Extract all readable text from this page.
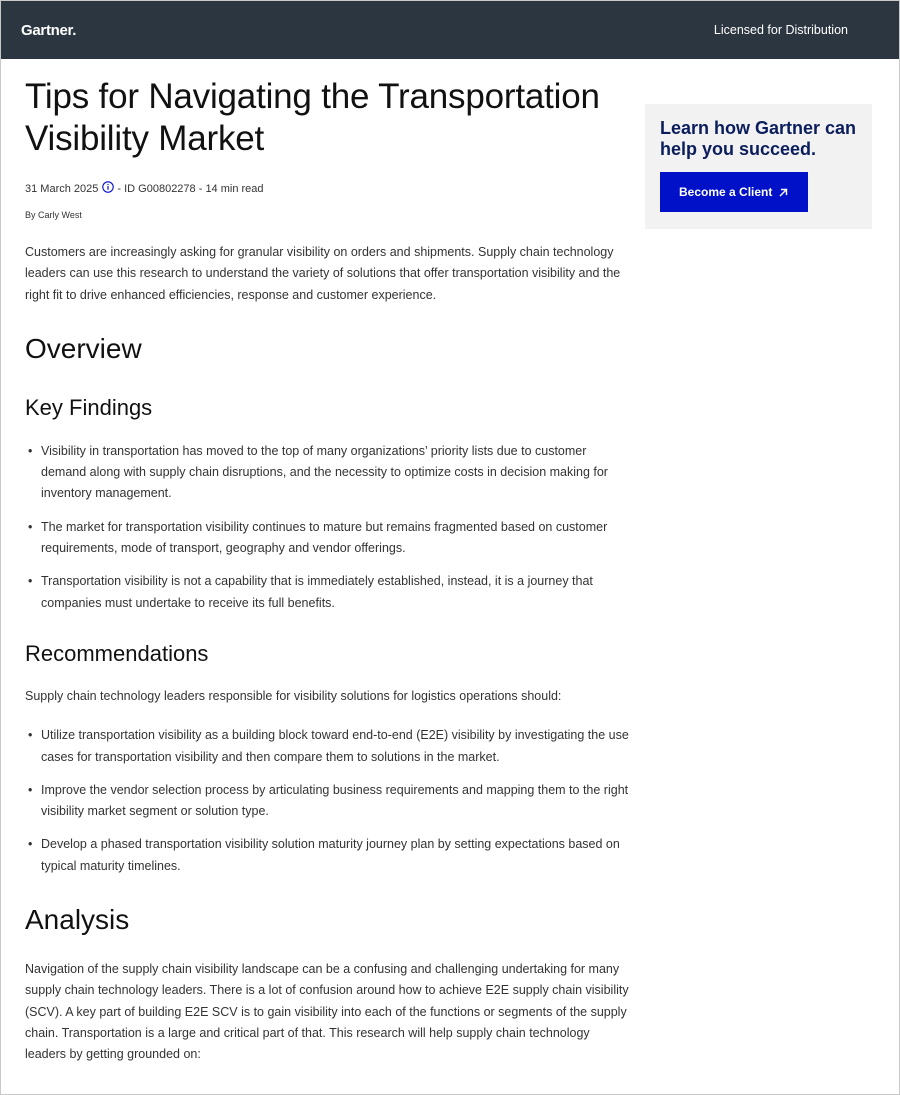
Gartner.	Licensed for Distribution
Tips for Navigating the Transportation Visibility Market
31 March 2025 - ID G00802278 - 14 min read
By Carly West

Customers are increasingly asking for granular visibility on orders and shipments. Supply chain technology leaders can use this research to understand the variety of solutions that offer transportation visibility and the right fit to drive enhanced efficiencies, response and customer experience.

Overview
Key Findings
• Visibility in transportation has moved to the top of many organizations’ priority lists due to customer demand along with supply chain disruptions, and the necessity to optimize costs in decision making for inventory management.
• The market for transportation visibility continues to mature but remains fragmented based on customer requirements, mode of transport, geography and vendor offerings.
• Transportation visibility is not a capability that is immediately established, instead, it is a journey that companies must undertake to receive its full benefits.
Recommendations

Supply chain technology leaders responsible for visibility solutions for logistics operations should:

• Utilize transportation visibility as a building block toward end-to-end (E2E) visibility by investigating the use cases for transportation visibility and then compare them to solutions in the market.
• Improve the vendor selection process by articulating business requirements and mapping them to the right visibility market segment or solution type.
• Develop a phased transportation visibility solution maturity journey plan by setting expectations based on typical maturity timelines.
Analysis

Navigation of the supply chain visibility landscape can be a confusing and challenging undertaking for many supply chain technology leaders. There is a lot of confusion around how to achieve E2E supply chain visibility (SCV). A key part of building E2E SCV is to gain visibility into each of the functions or segments of the supply chain. Transportation is a large and critical part of that. This research will help supply chain technology leaders by getting grounded on:

Learn how Gartner can help you succeed.
Become a Client
